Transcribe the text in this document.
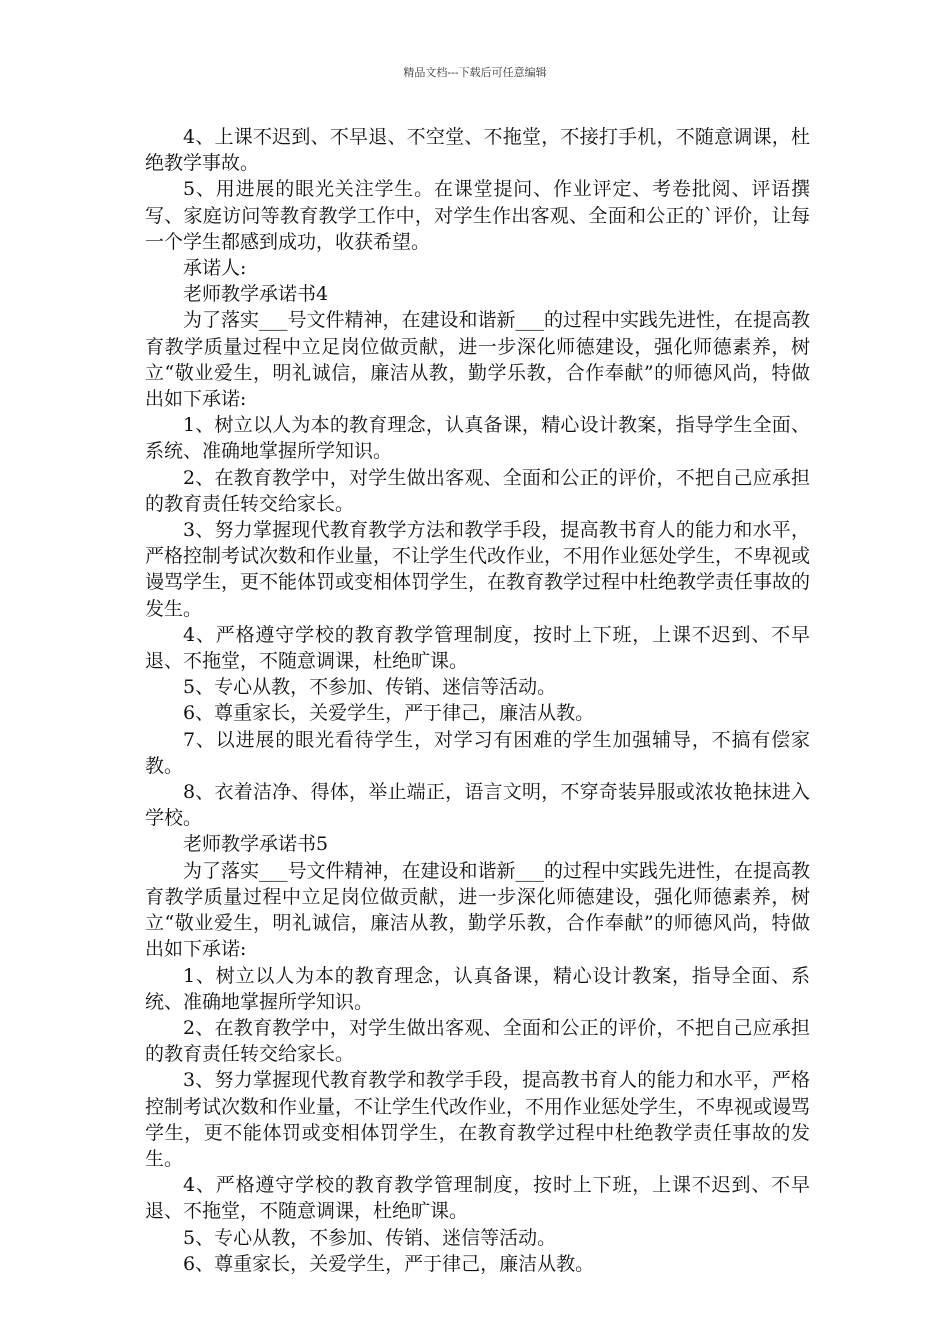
精品文档---下载后可任意编辑

4、上课不迟到、不早退、不空堂、不拖堂，不接打手机，不随意调课，杜绝教学事故。

5、用进展的眼光关注学生。在课堂提问、作业评定、考卷批阅、评语撰写、家庭访问等教育教学工作中，对学生作出客观、全面和公正的`评价，让每一个学生都感到成功，收获希望。

承诺人:

老师教学承诺书4

为了落实___号文件精神，在建设和谐新___的过程中实践先进性，在提高教育教学质量过程中立足岗位做贡献，进一步深化师德建设，强化师德素养，树立“敬业爱生，明礼诚信，廉洁从教，勤学乐教，合作奉献”的师德风尚，特做出如下承诺:

1、树立以人为本的教育理念，认真备课，精心设计教案，指导学生全面、系统、准确地掌握所学知识。

2、在教育教学中，对学生做出客观、全面和公正的评价，不把自己应承担的教育责任转交给家长。

3、努力掌握现代教育教学方法和教学手段，提高教书育人的能力和水平，严格控制考试次数和作业量，不让学生代改作业，不用作业惩处学生，不卑视或谩骂学生，更不能体罚或变相体罚学生，在教育教学过程中杜绝教学责任事故的发生。

4、严格遵守学校的教育教学管理制度，按时上下班，上课不迟到、不早退、不拖堂，不随意调课，杜绝旷课。

5、专心从教，不参加、传销、迷信等活动。

6、尊重家长，关爱学生，严于律己，廉洁从教。

7、以进展的眼光看待学生，对学习有困难的学生加强辅导，不搞有偿家教。

8、衣着洁净、得体，举止端正，语言文明，不穿奇装异服或浓妆艳抹进入学校。

老师教学承诺书5

为了落实___号文件精神，在建设和谐新___的过程中实践先进性，在提高教育教学质量过程中立足岗位做贡献，进一步深化师德建设，强化师德素养，树立“敬业爱生，明礼诚信，廉洁从教，勤学乐教，合作奉献”的师德风尚，特做出如下承诺:

1、树立以人为本的教育理念，认真备课，精心设计教案，指导全面、系统、准确地掌握所学知识。

2、在教育教学中，对学生做出客观、全面和公正的评价，不把自己应承担的教育责任转交给家长。

3、努力掌握现代教育教学和教学手段，提高教书育人的能力和水平，严格控制考试次数和作业量，不让学生代改作业，不用作业惩处学生，不卑视或谩骂学生，更不能体罚或变相体罚学生，在教育教学过程中杜绝教学责任事故的发生。

4、严格遵守学校的教育教学管理制度，按时上下班，上课不迟到、不早退、不拖堂，不随意调课，杜绝旷课。

5、专心从教，不参加、传销、迷信等活动。

6、尊重家长，关爱学生，严于律己，廉洁从教。
